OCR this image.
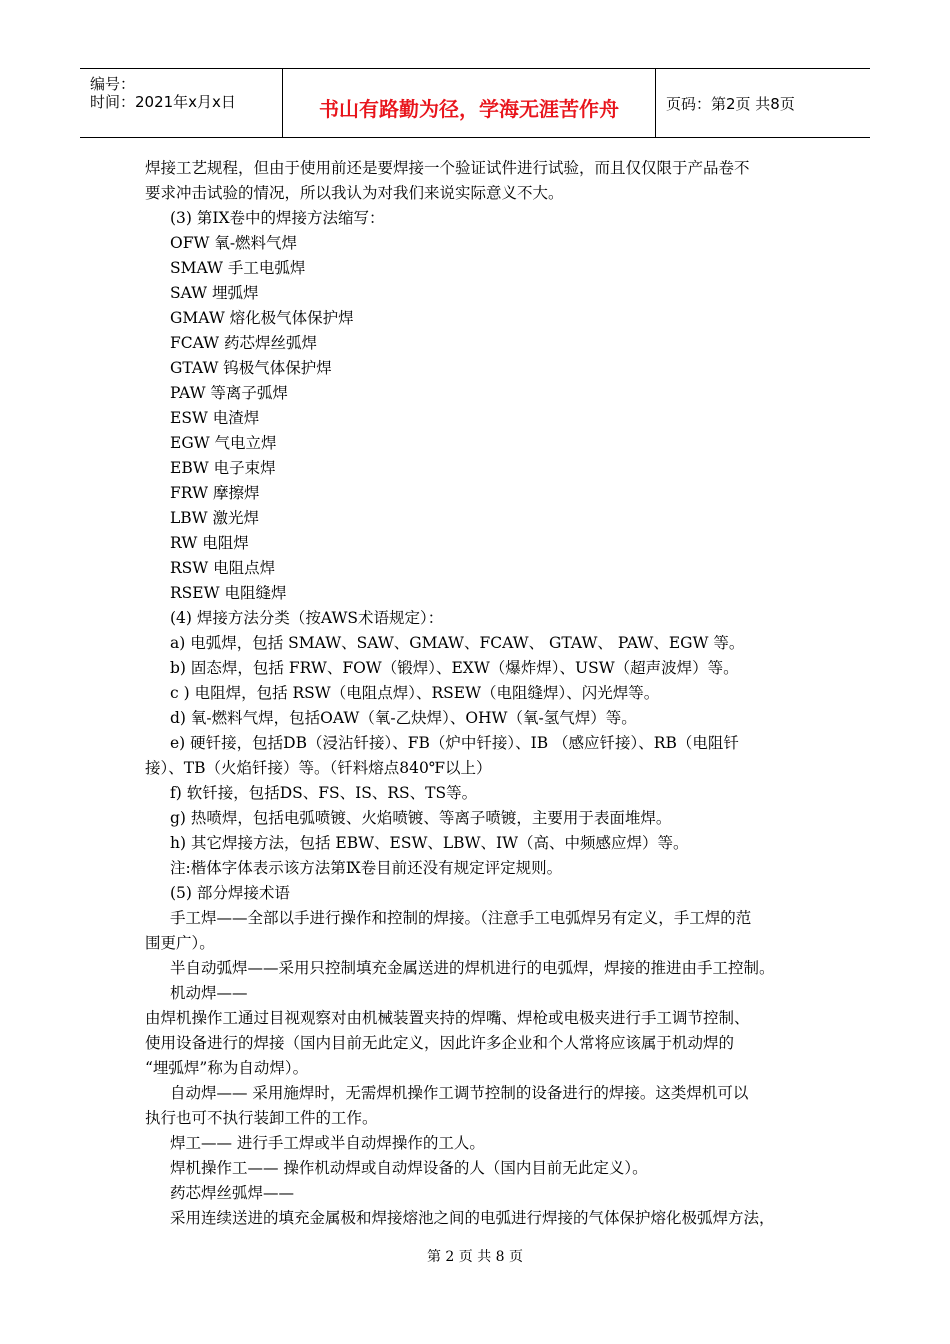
编号：
时间：2021年x月x日	书山有路勤为径，学海无涯苦作舟	页码：第2页 共8页
焊接工艺规程，但由于使用前还是要焊接一个验证试件进行试验，而且仅仅限于产品卷不
要求冲击试验的情况，所以我认为对我们来说实际意义不大。
(3) 第IX卷中的焊接方法缩写：
OFW 氧-燃料气焊
SMAW 手工电弧焊
SAW 埋弧焊
GMAW 熔化极气体保护焊
FCAW 药芯焊丝弧焊
GTAW 钨极气体保护焊
PAW 等离子弧焊
ESW 电渣焊
EGW 气电立焊
EBW 电子束焊
FRW 摩擦焊
LBW 激光焊
RW 电阻焊
RSW 电阻点焊
RSEW 电阻缝焊
(4) 焊接方法分类（按AWS术语规定）：
a) 电弧焊，包括 SMAW、SAW、GMAW、FCAW、 GTAW、 PAW、EGW 等。
b) 固态焊，包括 FRW、FOW（锻焊）、EXW（爆炸焊）、USW（超声波焊）等。
c ) 电阻焊，包括 RSW（电阻点焊）、RSEW（电阻缝焊）、闪光焊等。
d) 氧-燃料气焊，包括OAW（氧-乙炔焊）、OHW（氧-氢气焊）等。
e) 硬钎接，包括DB（浸沾钎接）、FB（炉中钎接）、IB （感应钎接）、RB（电阻钎
接）、TB（火焰钎接）等。（钎料熔点840℉以上）
f) 软钎接，包括DS、FS、IS、RS、TS等。
g) 热喷焊，包括电弧喷镀、火焰喷镀、等离子喷镀，主要用于表面堆焊。
h) 其它焊接方法，包括 EBW、ESW、LBW、IW（高、中频感应焊）等。
注:楷体字体表示该方法第Ⅸ卷目前还没有规定评定规则。
(5) 部分焊接术语
手工焊——全部以手进行操作和控制的焊接。（注意手工电弧焊另有定义，手工焊的范
围更广）。
半自动弧焊——采用只控制填充金属送进的焊机进行的电弧焊，焊接的推进由手工控制。
机动焊——
由焊机操作工通过目视观察对由机械装置夹持的焊嘴、焊枪或电极夹进行手工调节控制、
使用设备进行的焊接（国内目前无此定义，因此许多企业和个人常将应该属于机动焊的
“埋弧焊”称为自动焊）。
自动焊—— 采用施焊时，无需焊机操作工调节控制的设备进行的焊接。这类焊机可以
执行也可不执行装卸工件的工作。
焊工—— 进行手工焊或半自动焊操作的工人。
焊机操作工—— 操作机动焊或自动焊设备的人（国内目前无此定义）。
药芯焊丝弧焊——
采用连续送进的填充金属极和焊接熔池之间的电弧进行焊接的气体保护熔化极弧焊方法，
第 2 页 共 8 页
